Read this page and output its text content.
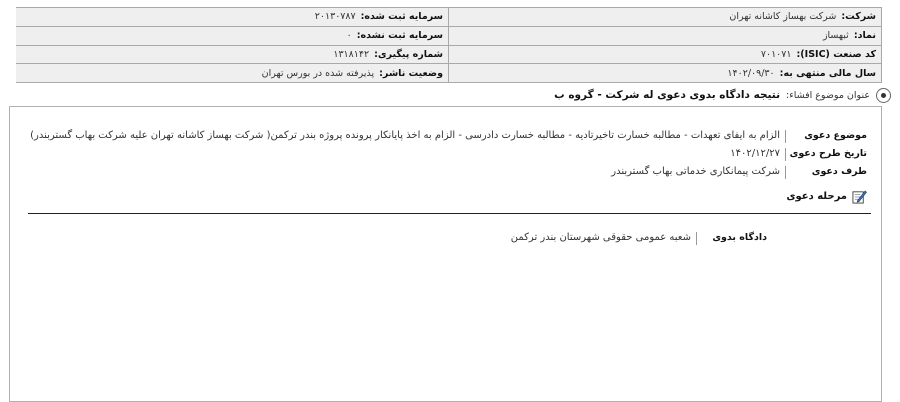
شرکت:
شرکت بهساز کاشانه تهران
سرمایه ثبت شده:
۲۰۱۳۰۷۸۷
نماد:
ثبهساز
سرمایه ثبت نشده:
۰
کد صنعت (ISIC):
۷۰۱۰۷۱
شماره پیگیری:
۱۳۱۸۱۴۲
سال مالی منتهی به:
۱۴۰۲/۰۹/۳۰
وضعیت ناشر:
پذیرفته شده در بورس تهران
عنوان موضوع افشاء:
نتیجه دادگاه بدوی دعوی له شرکت - گروه ب
موضوع دعوی
الزام به ایفای تعهدات - مطالبه خسارت تاخیرتادیه - مطالبه خسارت دادرسی - الزام به اخذ پایانکار پرونده پروژه بندر ترکمن( شرکت بهساز کاشانه تهران علیه شرکت بهاب گستربندر)
تاریخ طرح دعوی
۱۴۰۲/۱۲/۲۷
طرف دعوی
شرکت پیمانکاری خدماتی بهاب گستربندر
مرحله دعوی
دادگاه بدوی
شعبه عمومی حقوقی شهرستان بندر ترکمن
